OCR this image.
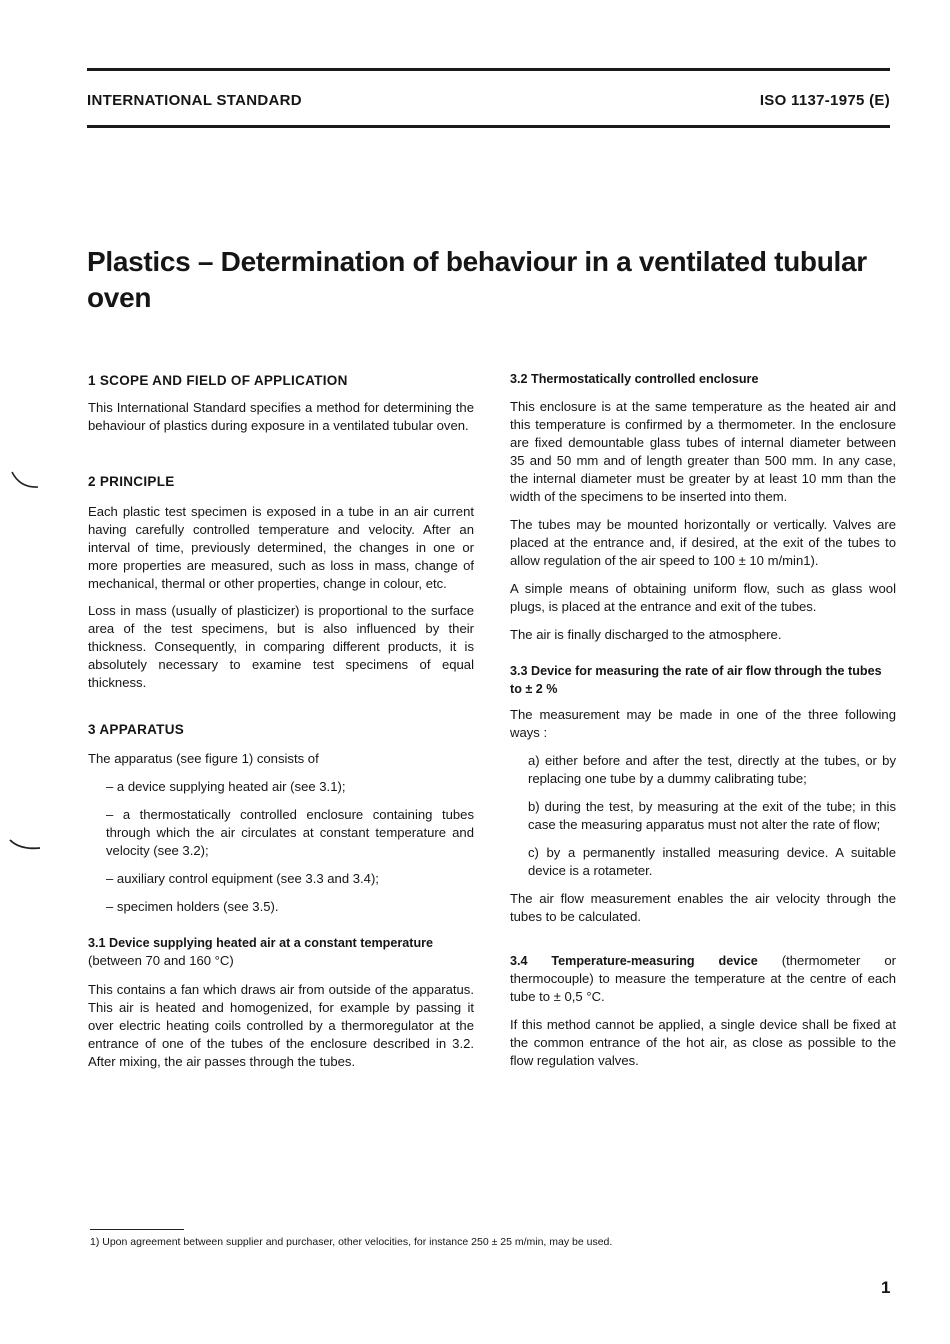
INTERNATIONAL STANDARD	ISO 1137-1975 (E)
Plastics – Determination of behaviour in a ventilated tubular oven
1 SCOPE AND FIELD OF APPLICATION

This International Standard specifies a method for determining the behaviour of plastics during exposure in a ventilated tubular oven.

2 PRINCIPLE

Each plastic test specimen is exposed in a tube in an air current having carefully controlled temperature and velocity. After an interval of time, previously determined, the changes in one or more properties are measured, such as loss in mass, change of mechanical, thermal or other properties, change in colour, etc.

Loss in mass (usually of plasticizer) is proportional to the surface area of the test specimens, but is also influenced by their thickness. Consequently, in comparing different products, it is absolutely necessary to examine test specimens of equal thickness.

3 APPARATUS

The apparatus (see figure 1) consists of

– a device supplying heated air (see 3.1);

– a thermostatically controlled enclosure containing tubes through which the air circulates at constant temperature and velocity (see 3.2);

– auxiliary control equipment (see 3.3 and 3.4);

– specimen holders (see 3.5).

3.1 Device supplying heated air at a constant temperature

(between 70 and 160 °C)

This contains a fan which draws air from outside of the apparatus. This air is heated and homogenized, for example by passing it over electric heating coils controlled by a thermoregulator at the entrance of one of the tubes of the enclosure described in 3.2. After mixing, the air passes through the tubes.

3.2 Thermostatically controlled enclosure

This enclosure is at the same temperature as the heated air and this temperature is confirmed by a thermometer. In the enclosure are fixed demountable glass tubes of internal diameter between 35 and 50 mm and of length greater than 500 mm. In any case, the internal diameter must be greater by at least 10 mm than the width of the specimens to be inserted into them.

The tubes may be mounted horizontally or vertically. Valves are placed at the entrance and, if desired, at the exit of the tubes to allow regulation of the air speed to 100 ± 10 m/min1).

A simple means of obtaining uniform flow, such as glass wool plugs, is placed at the entrance and exit of the tubes.

The air is finally discharged to the atmosphere.

3.3 Device for measuring the rate of air flow through the tubes to ± 2 %

The measurement may be made in one of the three following ways :

a) either before and after the test, directly at the tubes, or by replacing one tube by a dummy calibrating tube;

b) during the test, by measuring at the exit of the tube; in this case the measuring apparatus must not alter the rate of flow;

c) by a permanently installed measuring device. A suitable device is a rotameter.

The air flow measurement enables the air velocity through the tubes to be calculated.

3.4 Temperature-measuring device (thermometer or thermocouple) to measure the temperature at the centre of each tube to ± 0,5 °C.

If this method cannot be applied, a single device shall be fixed at the common entrance of the hot air, as close as possible to the flow regulation valves.

1) Upon agreement between supplier and purchaser, other velocities, for instance 250 ± 25 m/min, may be used.
1
